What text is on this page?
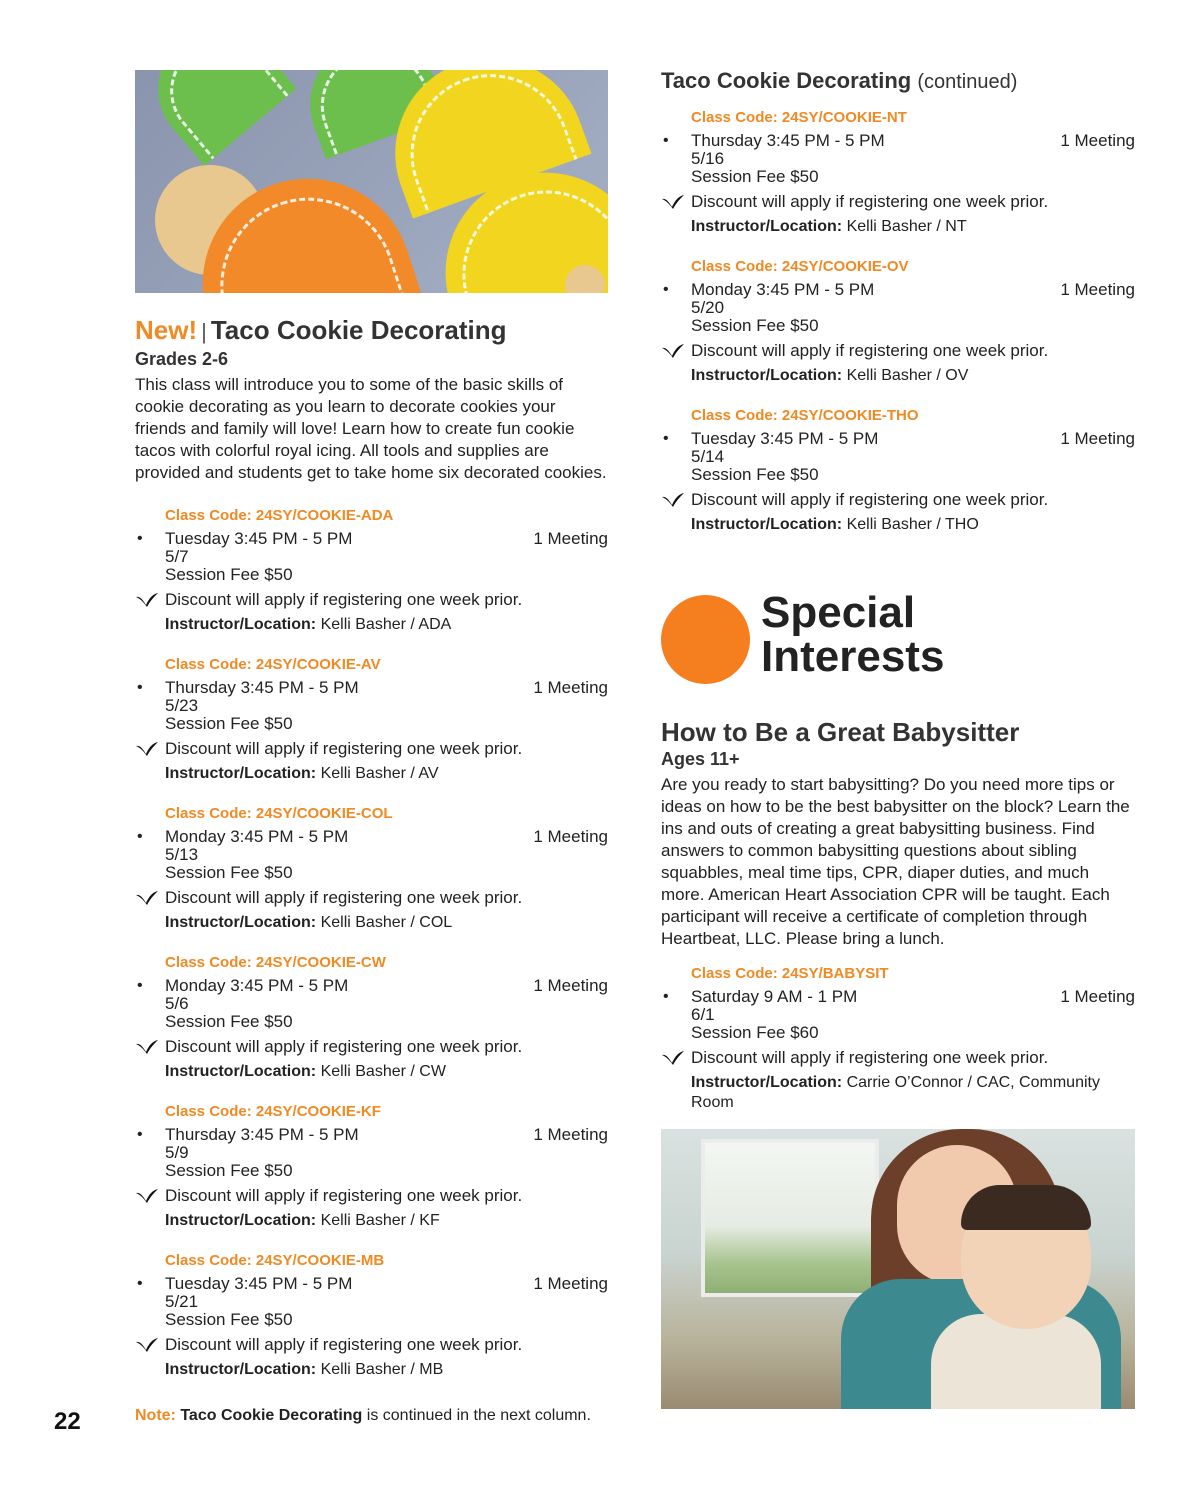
New! | Taco Cookie Decorating
Grades 2-6
This class will introduce you to some of the basic skills of cookie decorating as you learn to decorate cookies your friends and family will love! Learn how to create fun cookie tacos with colorful royal icing. All tools and supplies are provided and students get to take home six decorated cookies.
Class Code: 24SY/COOKIE-ADA
• Tuesday 3:45 PM - 5 PM	1 Meeting
5/7
Session Fee $50
Discount will apply if registering one week prior.
Instructor/Location: Kelli Basher / ADA
Class Code: 24SY/COOKIE-AV
• Thursday 3:45 PM - 5 PM	1 Meeting
5/23
Session Fee $50
Discount will apply if registering one week prior.
Instructor/Location: Kelli Basher / AV
Class Code: 24SY/COOKIE-COL
• Monday 3:45 PM - 5 PM	1 Meeting
5/13
Session Fee $50
Discount will apply if registering one week prior.
Instructor/Location: Kelli Basher / COL
Class Code: 24SY/COOKIE-CW
• Monday 3:45 PM - 5 PM	1 Meeting
5/6
Session Fee $50
Discount will apply if registering one week prior.
Instructor/Location: Kelli Basher / CW
Class Code: 24SY/COOKIE-KF
• Thursday 3:45 PM - 5 PM	1 Meeting
5/9
Session Fee $50
Discount will apply if registering one week prior.
Instructor/Location: Kelli Basher / KF
Class Code: 24SY/COOKIE-MB
• Tuesday 3:45 PM - 5 PM	1 Meeting
5/21
Session Fee $50
Discount will apply if registering one week prior.
Instructor/Location: Kelli Basher / MB
Note: Taco Cookie Decorating is continued in the next column.
Taco Cookie Decorating (continued)
Class Code: 24SY/COOKIE-NT
• Thursday 3:45 PM - 5 PM	1 Meeting
5/16
Session Fee $50
Discount will apply if registering one week prior.
Instructor/Location: Kelli Basher / NT
Class Code: 24SY/COOKIE-OV
• Monday 3:45 PM - 5 PM	1 Meeting
5/20
Session Fee $50
Discount will apply if registering one week prior.
Instructor/Location: Kelli Basher / OV
Class Code: 24SY/COOKIE-THO
• Tuesday 3:45 PM - 5 PM	1 Meeting
5/14
Session Fee $50
Discount will apply if registering one week prior.
Instructor/Location: Kelli Basher / THO
Special
Interests
How to Be a Great Babysitter
Ages 11+
Are you ready to start babysitting? Do you need more tips or ideas on how to be the best babysitter on the block? Learn the ins and outs of creating a great babysitting business. Find answers to common babysitting questions about sibling squabbles, meal time tips, CPR, diaper duties, and much more. American Heart Association CPR will be taught. Each participant will receive a certificate of completion through Heartbeat, LLC. Please bring a lunch.
Class Code: 24SY/BABYSIT
• Saturday 9 AM - 1 PM	1 Meeting
6/1
Session Fee $60
Discount will apply if registering one week prior.
Instructor/Location: Carrie O’Connor / CAC, Community Room
22
